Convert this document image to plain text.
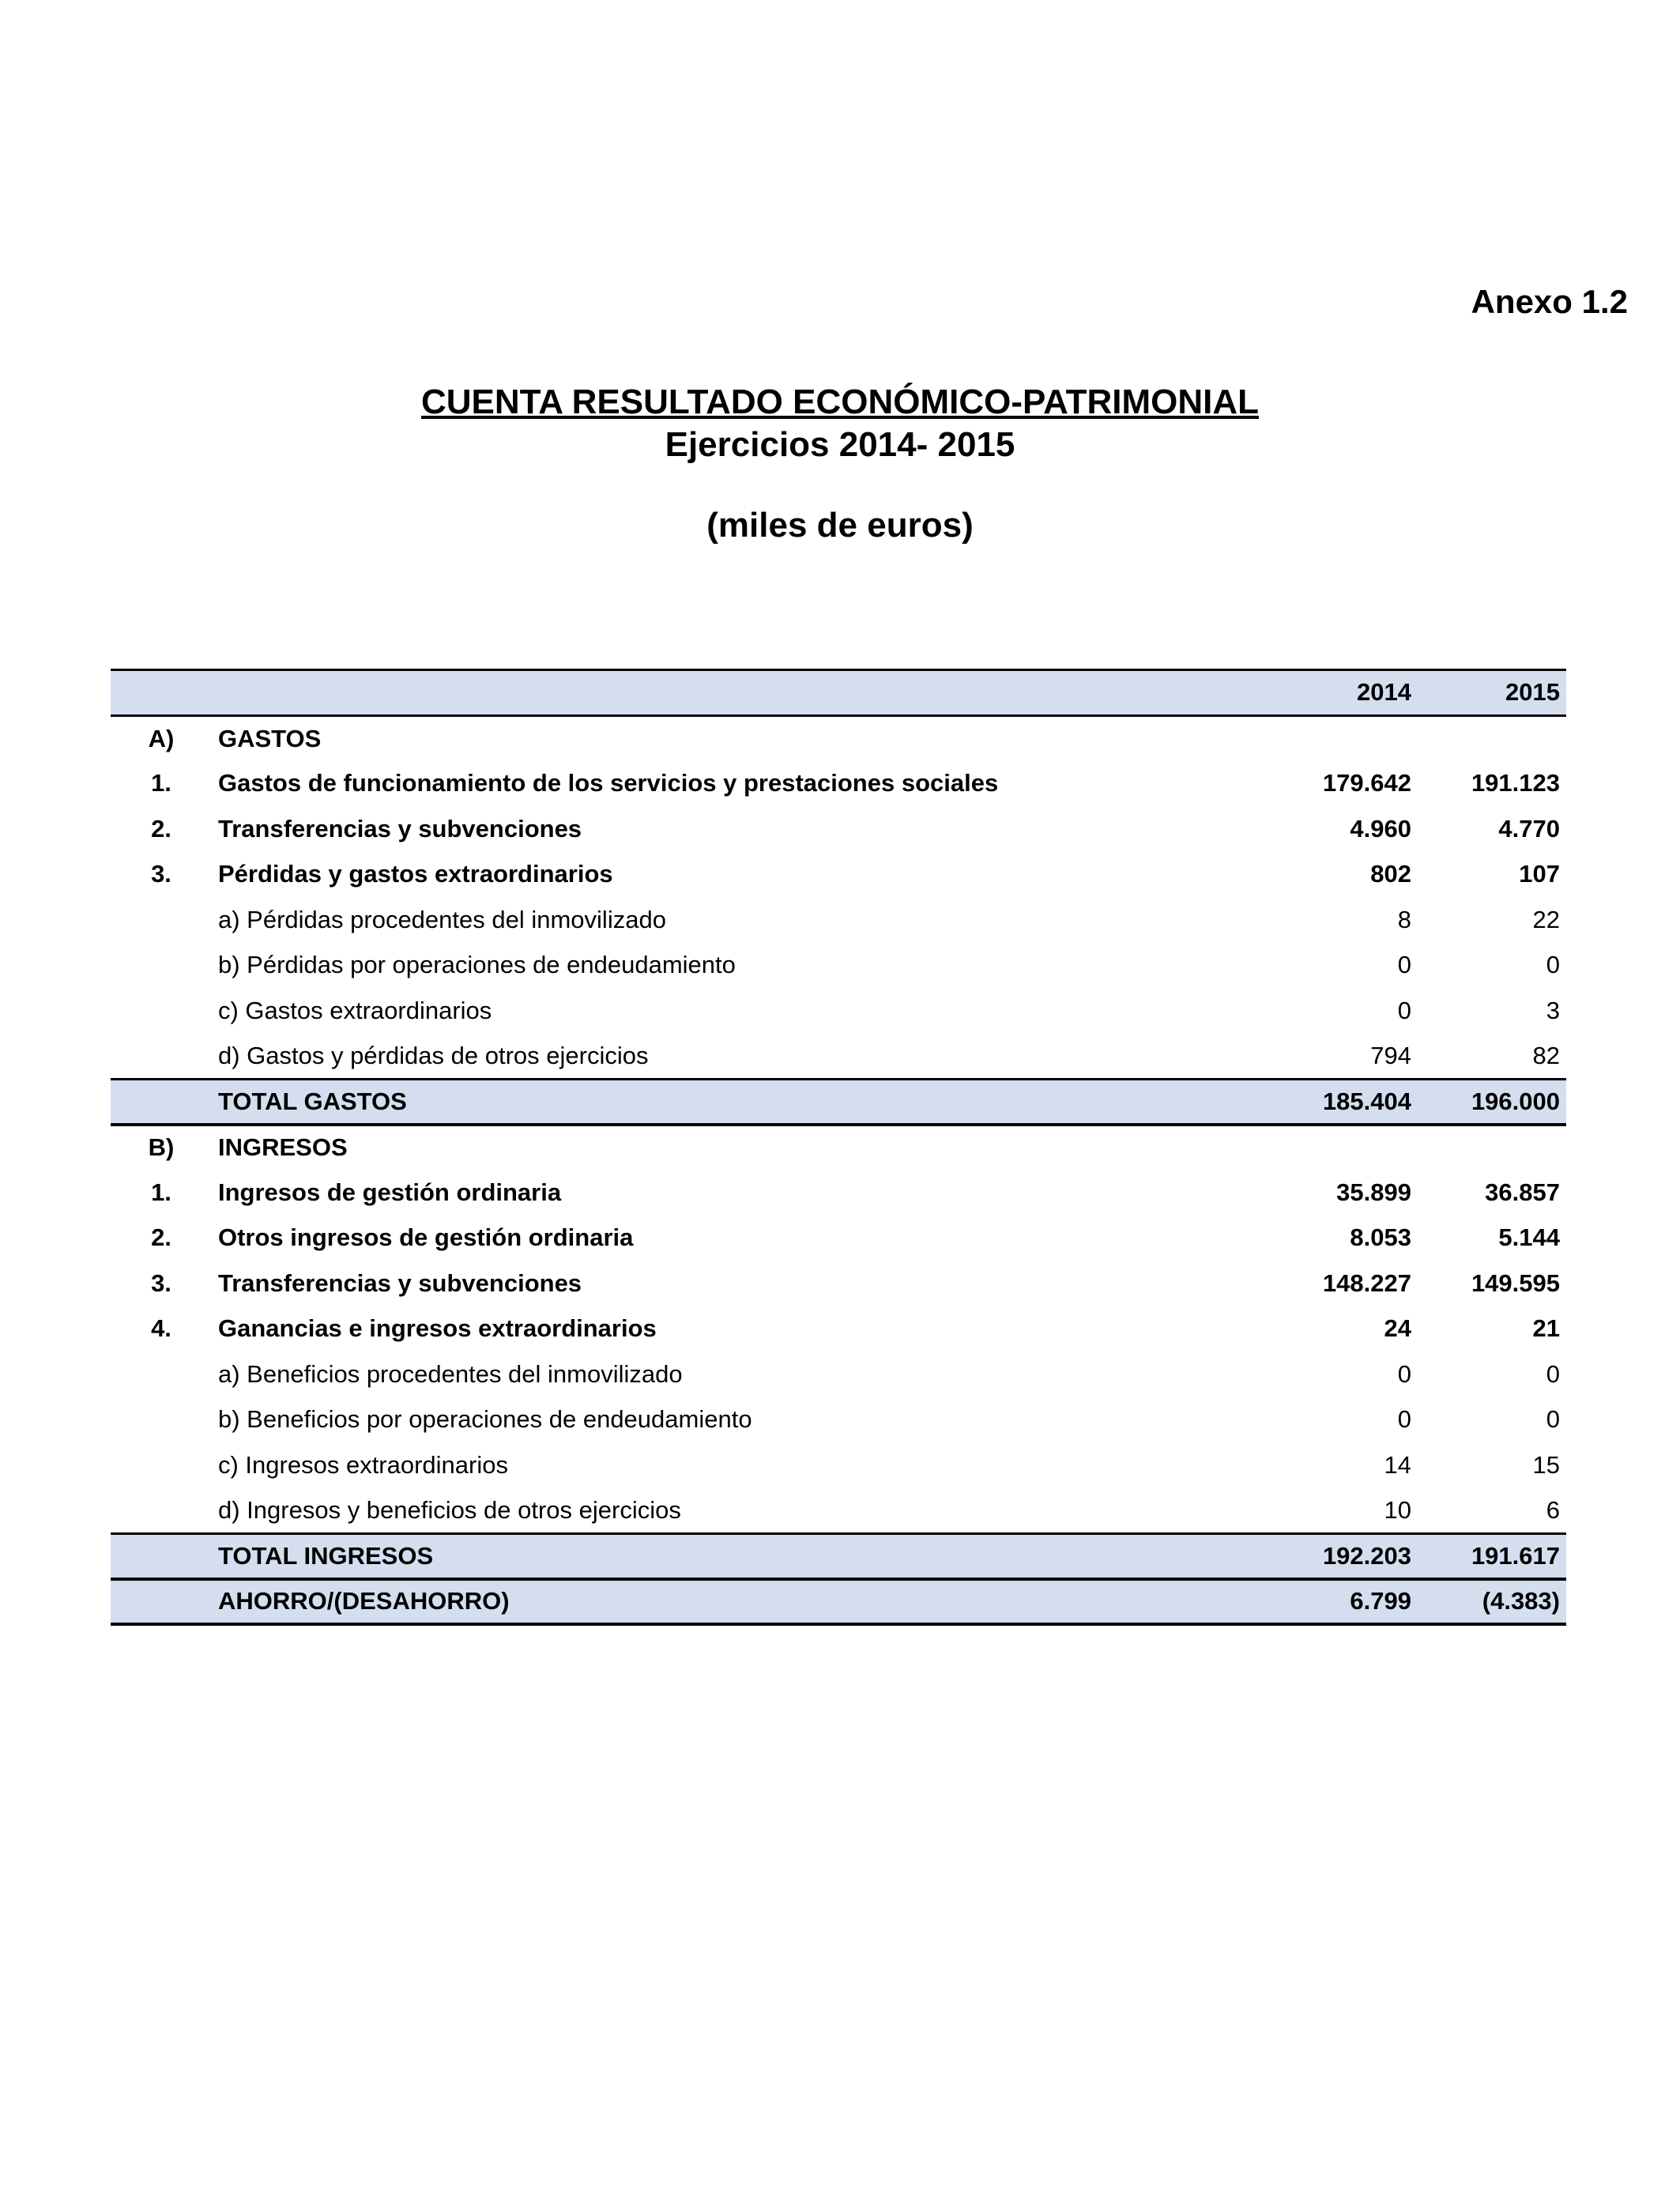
Anexo 1.2
CUENTA RESULTADO ECONÓMICO-PATRIMONIAL
Ejercicios 2014- 2015
(miles de euros)
		2014	2015
A)	GASTOS		
1.	Gastos de funcionamiento de los servicios y prestaciones sociales	179.642	191.123
2.	Transferencias y subvenciones	4.960	4.770
3.	Pérdidas y gastos extraordinarios	802	107
	a) Pérdidas procedentes del inmovilizado	8	22
	b) Pérdidas por operaciones de endeudamiento	0	0
	c) Gastos extraordinarios	0	3
	d) Gastos y pérdidas de otros ejercicios	794	82
	TOTAL GASTOS	185.404	196.000
B)	INGRESOS		
1.	Ingresos de gestión ordinaria	35.899	36.857
2.	Otros ingresos de gestión ordinaria	8.053	5.144
3.	Transferencias y subvenciones	148.227	149.595
4.	Ganancias e ingresos extraordinarios	24	21
	a) Beneficios procedentes del inmovilizado	0	0
	b) Beneficios por operaciones de endeudamiento	0	0
	c) Ingresos extraordinarios	14	15
	d) Ingresos y beneficios de otros ejercicios	10	6
	TOTAL INGRESOS	192.203	191.617
	AHORRO/(DESAHORRO)	6.799	(4.383)
